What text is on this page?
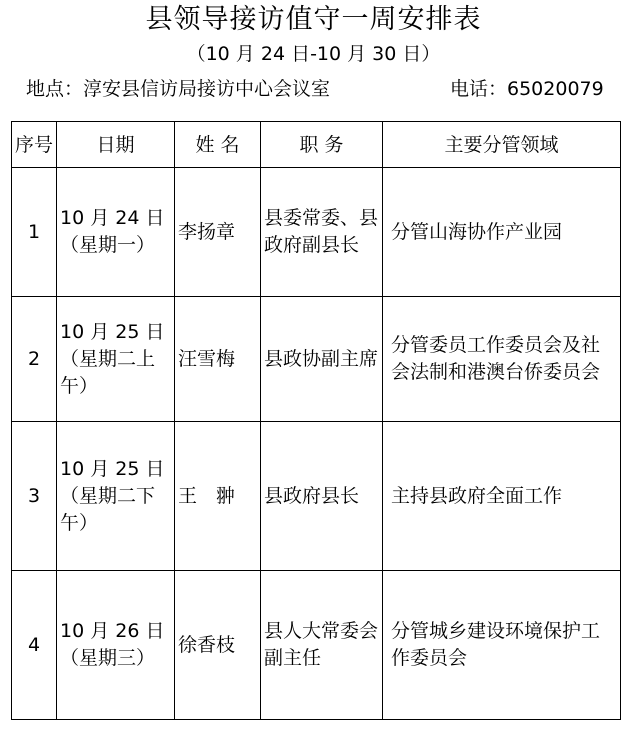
县领导接访值守一周安排表
（10 月 24 日-10 月 30 日）
地点：淳安县信访局接访中心会议室	电话：65020079
序号	日期	姓 名	职 务	主要分管领域
1	10 月 24 日（星期一）	李扬章	县委常委、县政府副县长	分管山海协作产业园
2	10 月 25 日（星期二上午）	汪雪梅	县政协副主席	分管委员工作委员会及社会法制和港澳台侨委员会
3	10 月 25 日（星期二下午）	王　翀	县政府县长	主持县政府全面工作
4	10 月 26 日（星期三）	徐香枝	县人大常委会副主任	分管城乡建设环境保护工作委员会
